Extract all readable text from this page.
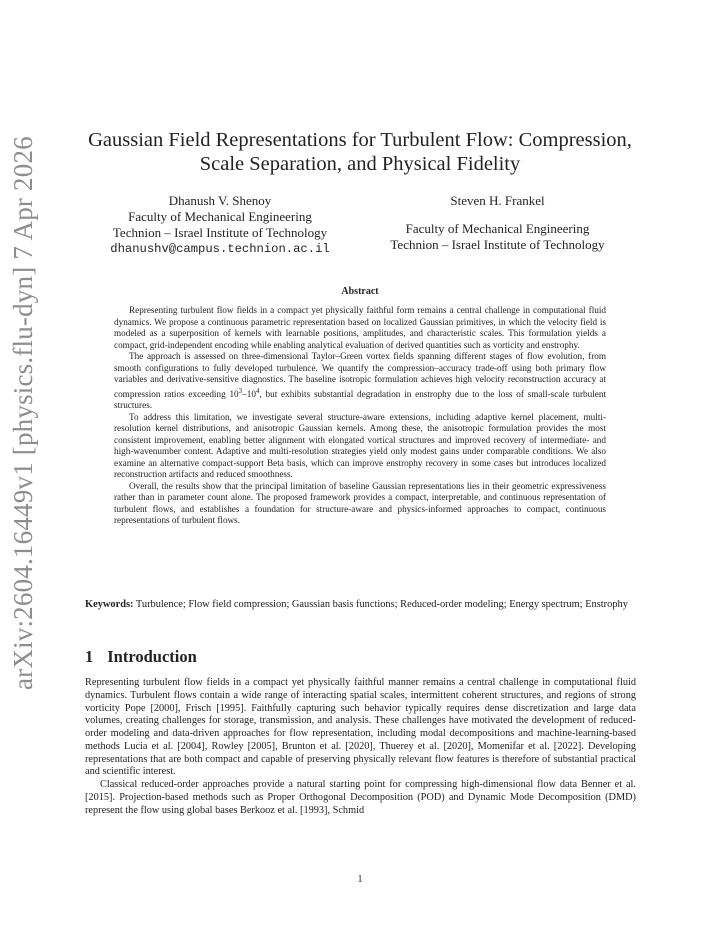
arXiv:2604.16449v1 [physics.flu-dyn] 7 Apr 2026	Gaussian Field Representations for Turbulent Flow: Compression,
Scale Separation, and Physical Fidelity
Dhanush V. Shenoy
Faculty of Mechanical Engineering
Technion – Israel Institute of Technology
dhanushv@campus.technion.ac.il
Steven H. Frankel
Faculty of Mechanical Engineering
Technion – Israel Institute of Technology
Abstract

Representing turbulent flow fields in a compact yet physically faithful form remains a central challenge in computational fluid dynamics. We propose a continuous parametric representation based on localized Gaussian primitives, in which the velocity field is modeled as a superposition of kernels with learnable positions, amplitudes, and characteristic scales. This formulation yields a compact, grid-independent encoding while enabling analytical evaluation of derived quantities such as vorticity and enstrophy.

The approach is assessed on three-dimensional Taylor–Green vortex fields spanning different stages of flow evolution, from smooth configurations to fully developed turbulence. We quantify the compression–accuracy trade-off using both primary flow variables and derivative-sensitive diagnostics. The baseline isotropic formulation achieves high velocity reconstruction accuracy at compression ratios exceeding $10^3-10^4$, but exhibits substantial degradation in enstrophy due to the loss of small-scale turbulent structures.

To address this limitation, we investigate several structure-aware extensions, including adaptive kernel placement, multi-resolution kernel distributions, and anisotropic Gaussian kernels. Among these, the anisotropic formulation provides the most consistent improvement, enabling better alignment with elongated vortical structures and improved recovery of intermediate- and high-wavenumber content. Adaptive and multi-resolution strategies yield only modest gains under comparable conditions. We also examine an alternative compact-support Beta basis, which can improve enstrophy recovery in some cases but introduces localized reconstruction artifacts and reduced smoothness.

Overall, the results show that the principal limitation of baseline Gaussian representations lies in their geometric expressiveness rather than in parameter count alone. The proposed framework provides a compact, interpretable, and continuous representation of turbulent flows, and establishes a foundation for structure-aware and physics-informed approaches to compact, continuous representations of turbulent flows.

Keywords: Turbulence; Flow field compression; Gaussian basis functions; Reduced-order modeling; Energy spectrum; Enstrophy
1 Introduction

Representing turbulent flow fields in a compact yet physically faithful manner remains a central challenge in computational fluid dynamics. Turbulent flows contain a wide range of interacting spatial scales, intermittent coherent structures, and regions of strong vorticity Pope [2000], Frisch [1995]. Faithfully capturing such behavior typically requires dense discretization and large data volumes, creating challenges for storage, transmission, and analysis. These challenges have motivated the development of reduced-order modeling and data-driven approaches for flow representation, including modal decompositions and machine-learning-based methods Lucia et al. [2004], Rowley [2005], Brunton et al. [2020], Thuerey et al. [2020], Momenifar et al. [2022]. Developing representations that are both compact and capable of preserving physically relevant flow features is therefore of substantial practical and scientific interest.

Classical reduced-order approaches provide a natural starting point for compressing high-dimensional flow data Benner et al. [2015]. Projection-based methods such as Proper Orthogonal Decomposition (POD) and Dynamic Mode Decomposition (DMD) represent the flow using global bases Berkooz et al. [1993], Schmid

1
